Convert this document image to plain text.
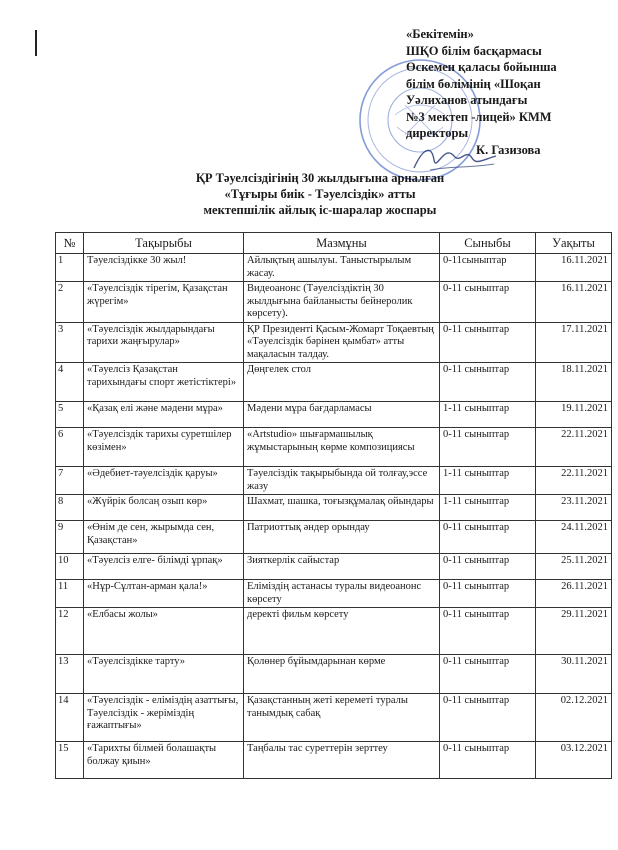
«Бекітемін»
ШҚО білім басқармасы
Өскемен қаласы бойынша
білім бөлімінің «Шоқан
Уәлиханов атындағы
№3 мектеп -лицей» КММ
директоры
К. Газизова
ҚР Тәуелсіздігінің 30 жылдығына арналған
«Тұғыры биік - Тәуелсіздік» атты
мектепшілік айлық іс-шаралар жоспары
№	Тақырыбы	Мазмұны	Сыныбы	Уақыты
1	Тәуелсіздікке 30 жыл!	Айлықтың ашылуы. Таныстырылым жасау.	0-11сыныптар	16.11.2021
2	«Тәуелсіздік тірегім, Қазақстан жүрегім»	Видеоанонс (Тәуелсіздіктің 30 жылдығына байланысты бейнеролик көрсету).	0-11 сыныптар	16.11.2021
3	«Тәуелсіздік жылдарындағы тарихи жаңғырулар»	ҚР Президенті Қасым-Жомарт Тоқаевтың «Тәуелсіздік бәрінен қымбат» атты мақаласын талдау.	0-11 сыныптар	17.11.2021
4	«Тәуелсіз Қазақстан тарихындағы спорт жетістіктері»	Дөңгелек стол	0-11 сыныптар	18.11.2021
5	«Қазақ елі және мәдени мұра»	Мәдени мұра бағдарламасы	1-11 сыныптар	19.11.2021
6	«Тәуелсіздік тарихы суретшілер көзімен»	«Artstudio» шығармашылық жұмыстарының көрме композициясы	0-11 сыныптар	22.11.2021
7	«Әдебиет-тәуелсіздік қаруы»	Тәуелсіздік тақырыбында ой толғау,эссе жазу	1-11 сыныптар	22.11.2021
8	«Жүйрік болсаң озып көр»	Шахмат, шашка, тоғызқұмалақ ойындары	1-11 сыныптар	23.11.2021
9	«Өнім де сен, жырымда сен, Қазақстан»	Патриоттық әндер орындау	0-11 сыныптар	24.11.2021
10	«Тәуелсіз елге- білімді ұрпақ»	Зияткерлік сайыстар	0-11 сыныптар	25.11.2021
11	«Нұр-Сұлтан-арман қала!»	Еліміздің астанасы туралы видеоанонс көрсету	0-11 сыныптар	26.11.2021
12	«Елбасы жолы»	деректі фильм көрсету	0-11 сыныптар	29.11.2021
13	«Тәуелсіздікке тарту»	Қолөнер бұйымдарынан көрме	0-11 сыныптар	30.11.2021
14	«Тәуелсіздік - еліміздің азаттығы, Тәуелсіздік - жеріміздің ғажаптығы»	Қазақстанның жеті кереметі туралы танымдық сабақ	0-11 сыныптар	02.12.2021
15	«Тарихты білмей болашақты болжау қиын»	Таңбалы тас суреттерін зерттеу	0-11 сыныптар	03.12.2021
